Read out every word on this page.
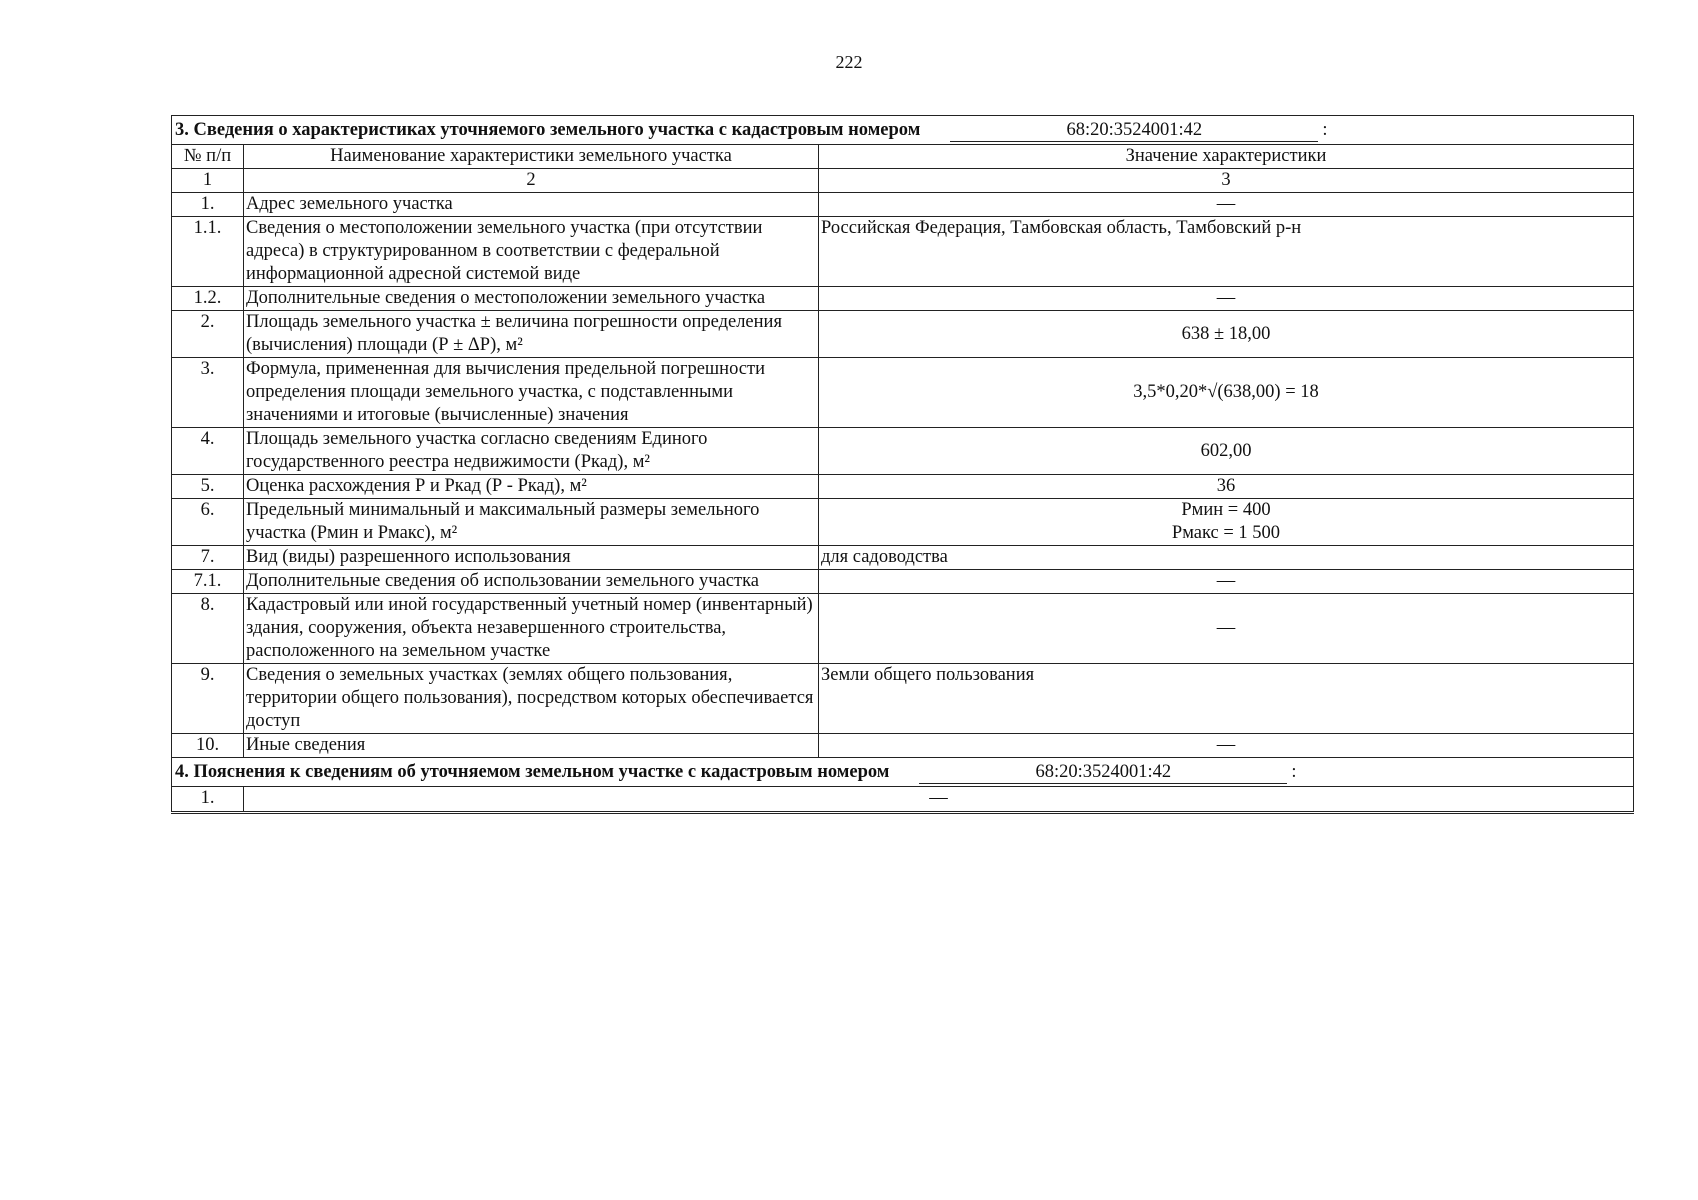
222
3. Сведения о характеристиках уточняемого земельного участка с кадастровым номером 68:20:3524001:42 :		
№ п/п	Наименование характеристики земельного участка	Значение характеристики
1	2	3
1.	Адрес земельного участка	—
1.1.	Сведения о местоположении земельного участка (при отсутствии адреса) в структурированном в соответствии с федеральной информационной адресной системой виде	Российская Федерация, Тамбовская область, Тамбовский р-н
1.2.	Дополнительные сведения о местоположении земельного участка	—
2.	Площадь земельного участка ± величина погрешности определения (вычисления) площади (Р ± ΔР), м²	638 ± 18,00
3.	Формула, примененная для вычисления предельной погрешности определения площади земельного участка, с подставленными значениями и итоговые (вычисленные) значения	3,5*0,20*√(638,00) = 18
4.	Площадь земельного участка согласно сведениям Единого государственного реестра недвижимости (Ркад), м²	602,00
5.	Оценка расхождения Р и Ркад (Р - Ркад), м²	36
6.	Предельный минимальный и максимальный размеры земельного участка (Рмин и Рмакс), м²	Рмин = 400
Рмакс = 1 500

7.	Вид (виды) разрешенного использования	для садоводства
7.1.	Дополнительные сведения об использовании земельного участка	—
8.	Кадастровый или иной государственный учетный номер (инвентарный) здания, сооружения, объекта незавершенного строительства, расположенного на земельном участке	—
9.	Сведения о земельных участках (землях общего пользования, территории общего пользования), посредством которых обеспечивается доступ	Земли общего пользования
10.	Иные сведения	—
4. Пояснения к сведениям об уточняемом земельном участке с кадастровым номером 68:20:3524001:42 :		
1.	—	
